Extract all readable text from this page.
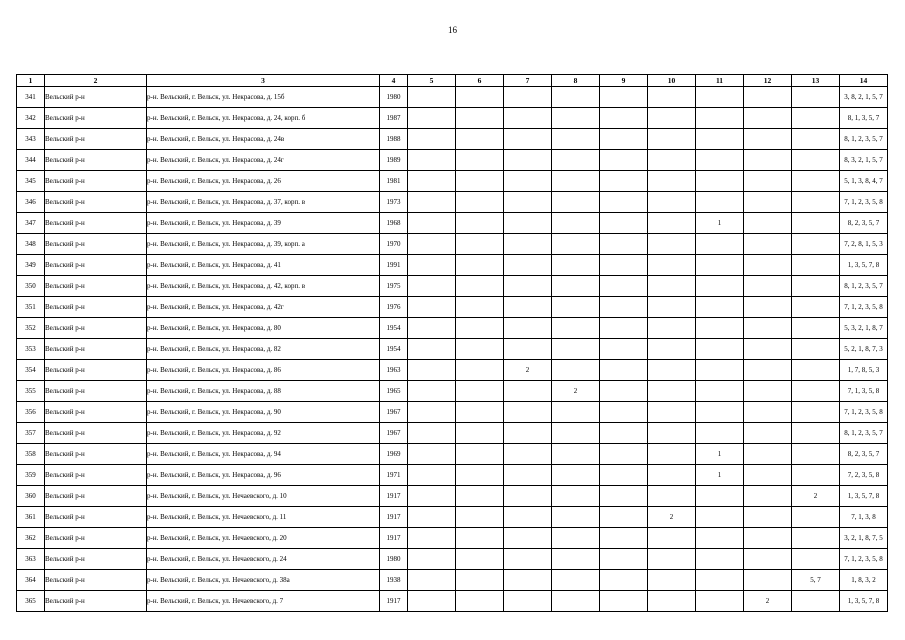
16
1	2	3	4	5	6	7	8	9	10	11	12	13	14
341	Вельский р-н	р-н. Вельский, г. Вельск, ул. Некрасова, д. 15б	1980										3, 8, 2, 1, 5, 7
342	Вельский р-н	р-н. Вельский, г. Вельск, ул. Некрасова, д. 24, корп. б	1987										8, 1, 3, 5, 7
343	Вельский р-н	р-н. Вельский, г. Вельск, ул. Некрасова, д. 24в	1988										8, 1, 2, 3, 5, 7
344	Вельский р-н	р-н. Вельский, г. Вельск, ул. Некрасова, д. 24г	1989										8, 3, 2, 1, 5, 7
345	Вельский р-н	р-н. Вельский, г. Вельск, ул. Некрасова, д. 26	1981										5, 1, 3, 8, 4, 7
346	Вельский р-н	р-н. Вельский, г. Вельск, ул. Некрасова, д. 37, корп. в	1973										7, 1, 2, 3, 5, 8
347	Вельский р-н	р-н. Вельский, г. Вельск, ул. Некрасова, д. 39	1968							1			8, 2, 3, 5, 7
348	Вельский р-н	р-н. Вельский, г. Вельск, ул. Некрасова, д. 39, корп. а	1970										7, 2, 8, 1, 5, 3
349	Вельский р-н	р-н. Вельский, г. Вельск, ул. Некрасова, д. 41	1991										1, 3, 5, 7, 8
350	Вельский р-н	р-н. Вельский, г. Вельск, ул. Некрасова, д. 42, корп. в	1975										8, 1, 2, 3, 5, 7
351	Вельский р-н	р-н. Вельский, г. Вельск, ул. Некрасова, д. 42г	1976										7, 1, 2, 3, 5, 8
352	Вельский р-н	р-н. Вельский, г. Вельск, ул. Некрасова, д. 80	1954										5, 3, 2, 1, 8, 7
353	Вельский р-н	р-н. Вельский, г. Вельск, ул. Некрасова, д. 82	1954										5, 2, 1, 8, 7, 3
354	Вельский р-н	р-н. Вельский, г. Вельск, ул. Некрасова, д. 86	1963			2							1, 7, 8, 5, 3
355	Вельский р-н	р-н. Вельский, г. Вельск, ул. Некрасова, д. 88	1965				2						7, 1, 3, 5, 8
356	Вельский р-н	р-н. Вельский, г. Вельск, ул. Некрасова, д. 90	1967										7, 1, 2, 3, 5, 8
357	Вельский р-н	р-н. Вельский, г. Вельск, ул. Некрасова, д. 92	1967										8, 1, 2, 3, 5, 7
358	Вельский р-н	р-н. Вельский, г. Вельск, ул. Некрасова, д. 94	1969							1			8, 2, 3, 5, 7
359	Вельский р-н	р-н. Вельский, г. Вельск, ул. Некрасова, д. 96	1971							1			7, 2, 3, 5, 8
360	Вельский р-н	р-н. Вельский, г. Вельск, ул. Нечаевского, д. 10	1917									2	1, 3, 5, 7, 8
361	Вельский р-н	р-н. Вельский, г. Вельск, ул. Нечаевского, д. 11	1917						2				7, 1, 3, 8
362	Вельский р-н	р-н. Вельский, г. Вельск, ул. Нечаевского, д. 20	1917										3, 2, 1, 8, 7, 5
363	Вельский р-н	р-н. Вельский, г. Вельск, ул. Нечаевского, д. 24	1980										7, 1, 2, 3, 5, 8
364	Вельский р-н	р-н. Вельский, г. Вельск, ул. Нечаевского, д. 38а	1938									5, 7	1, 8, 3, 2
365	Вельский р-н	р-н. Вельский, г. Вельск, ул. Нечаевского, д. 7	1917								2		1, 3, 5, 7, 8
